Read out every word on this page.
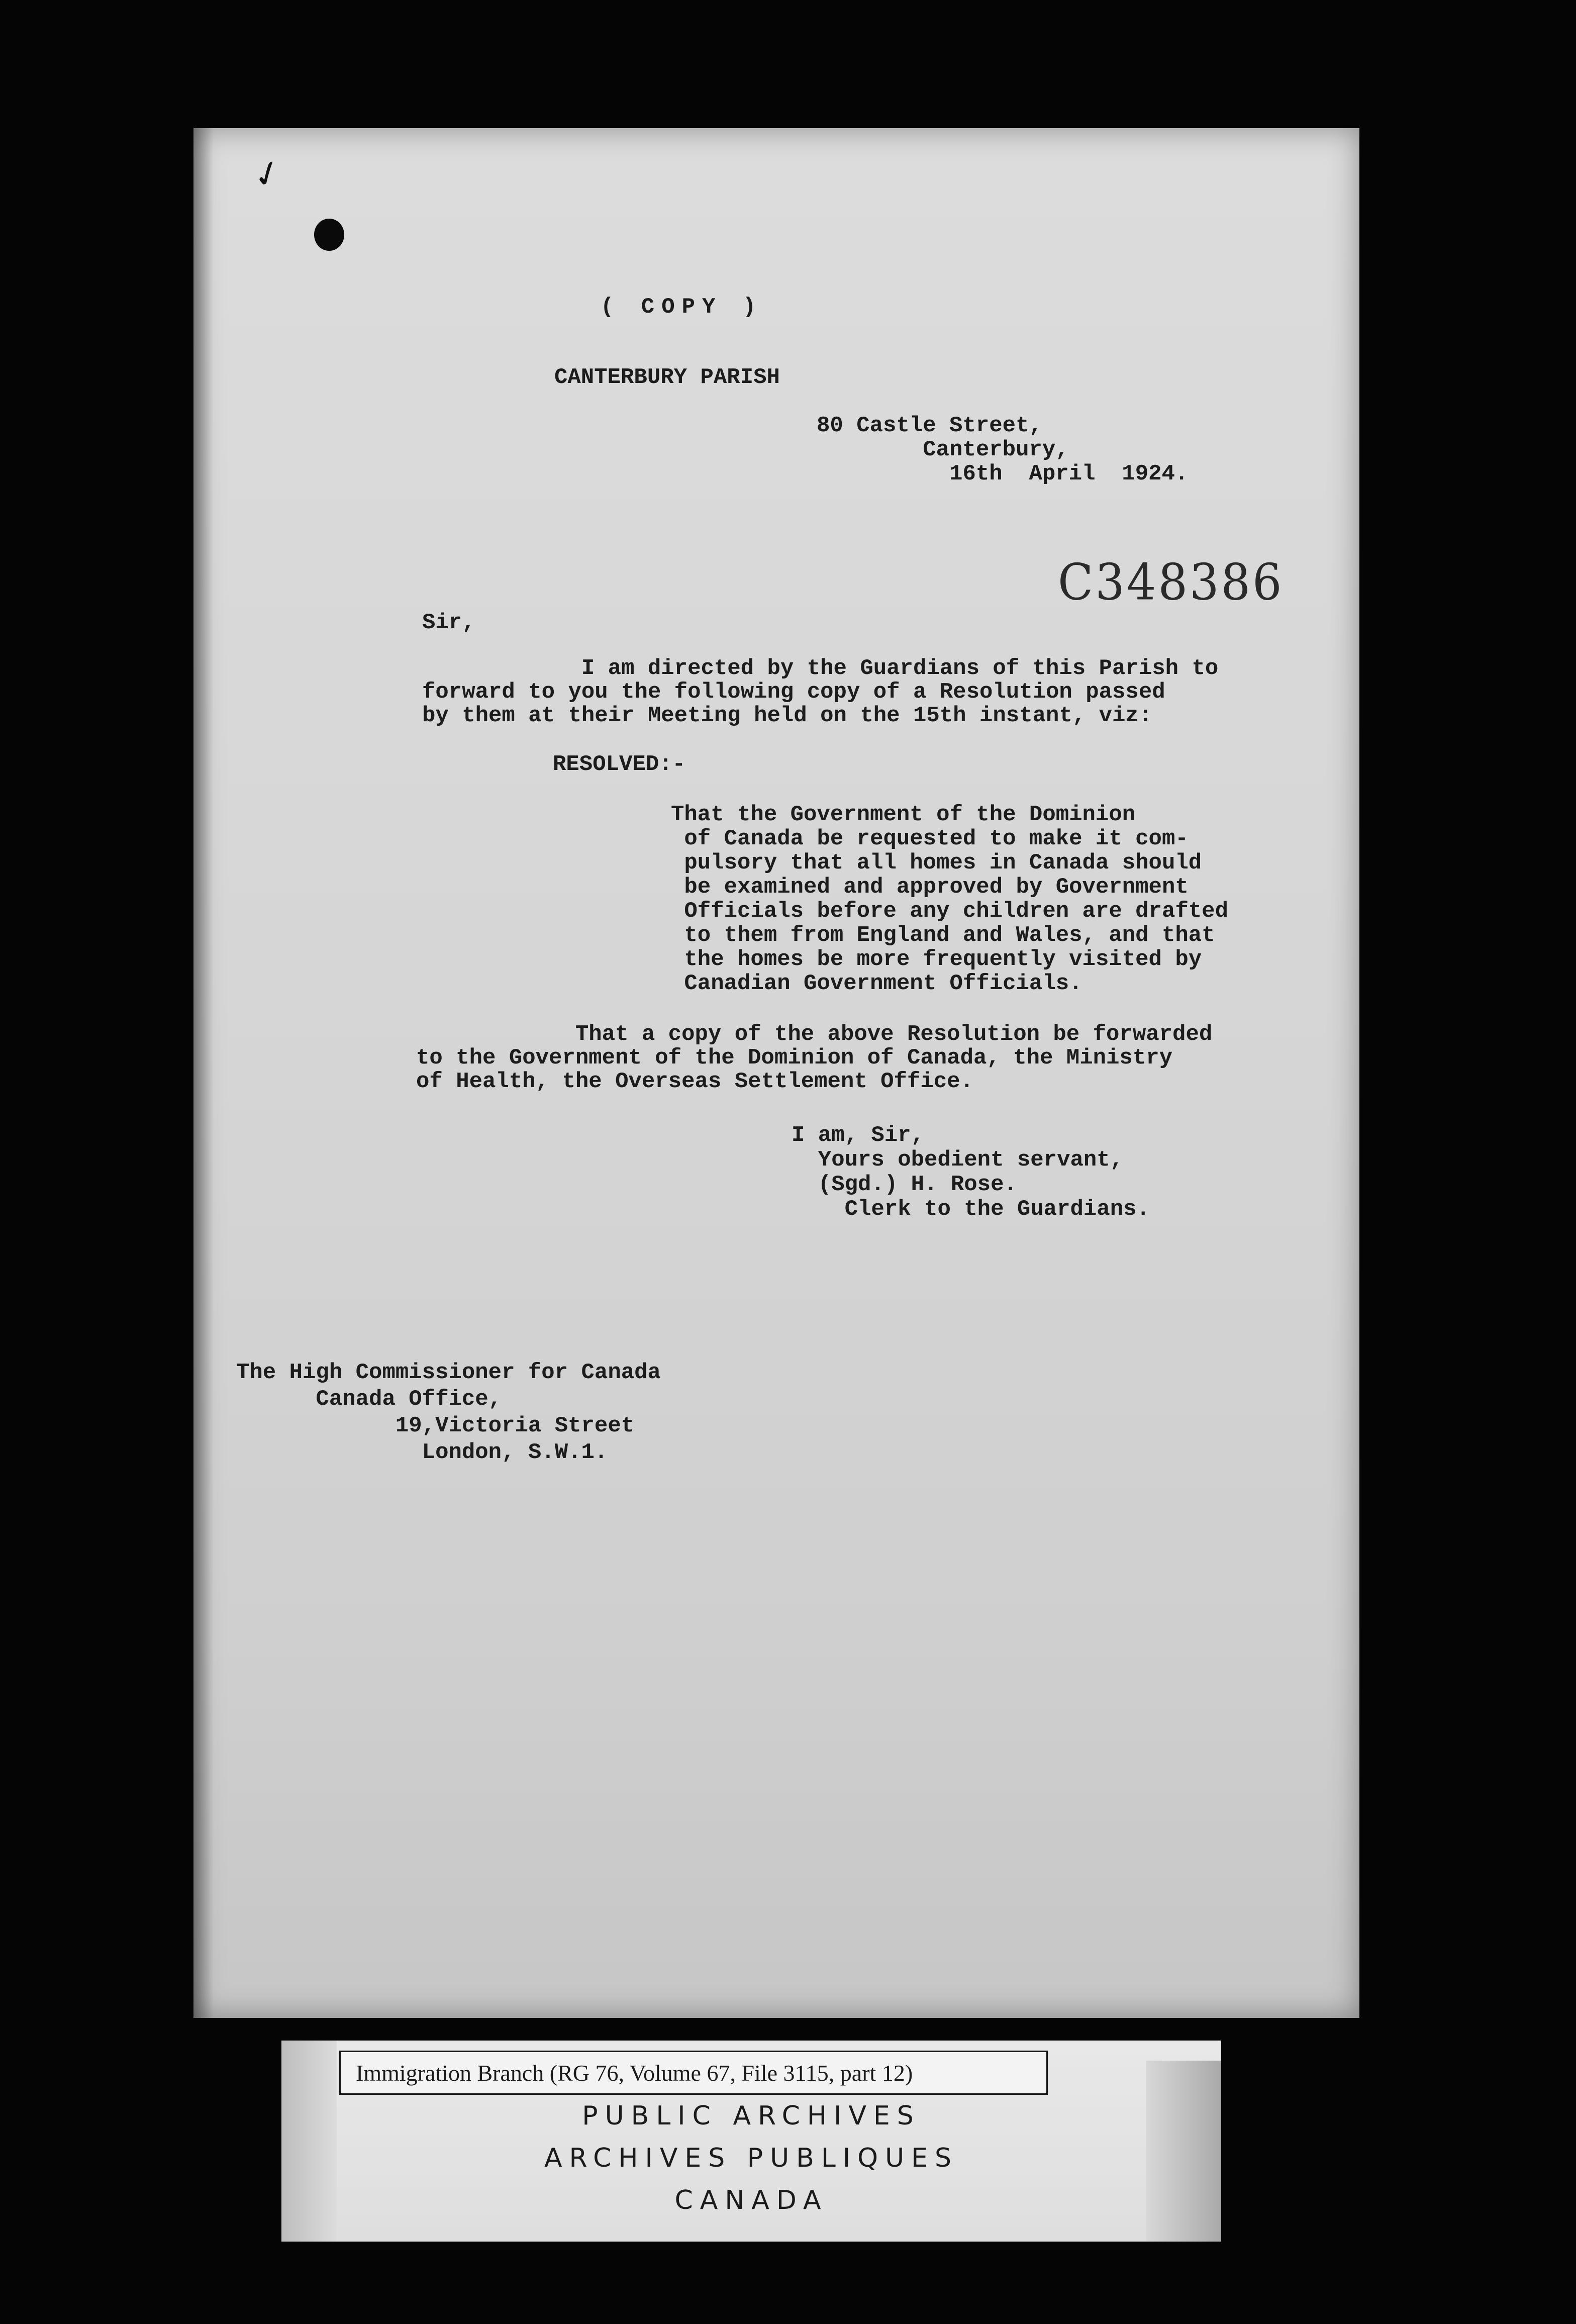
✓
( COPY )
CANTERBURY PARISH
80 Castle Street,
Canterbury,
16th  April  1924.
C348386
Sir,
I am directed by the Guardians of this Parish to
forward to you the following copy of a Resolution passed
by them at their Meeting held on the 15th instant, viz:
RESOLVED:-
That the Government of the Dominion
of Canada be requested to make it com-
pulsory that all homes in Canada should
be examined and approved by Government
Officials before any children are drafted
to them from England and Wales, and that
the homes be more frequently visited by
Canadian Government Officials.
That a copy of the above Resolution be forwarded
to the Government of the Dominion of Canada, the Ministry
of Health, the Overseas Settlement Office.
I am, Sir,
Yours obedient servant,
(Sgd.) H. Rose.
Clerk to the Guardians.
The High Commissioner for Canada
Canada Office,
19,Victoria Street
London, S.W.1.
Immigration Branch (RG 76, Volume 67, File 3115, part 12)
PUBLIC ARCHIVES
ARCHIVES PUBLIQUES
CANADA
